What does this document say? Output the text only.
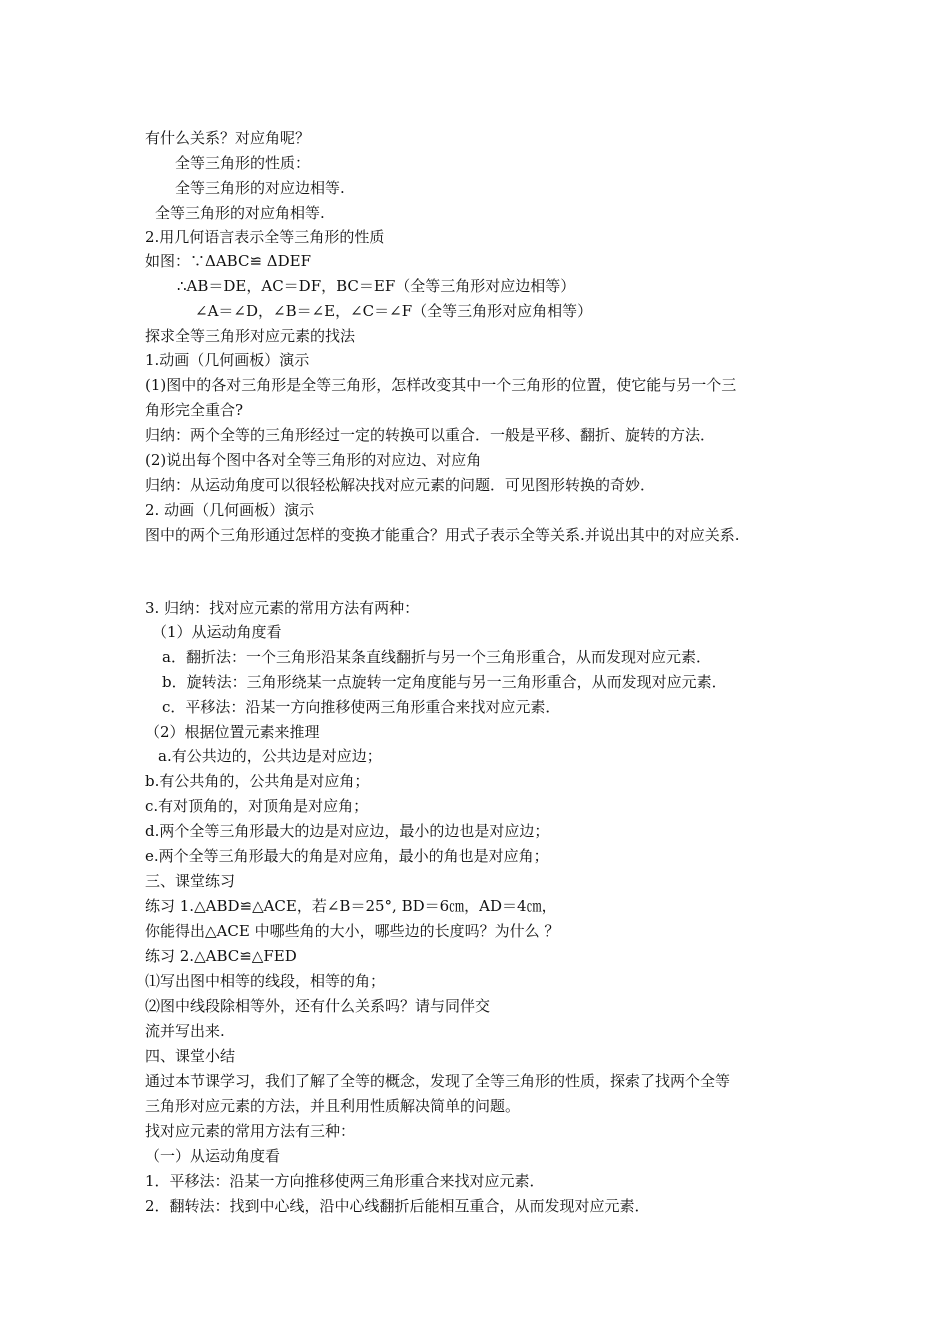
有什么关系？对应角呢？
全等三角形的性质：
全等三角形的对应边相等.
全等三角形的对应角相等.
2.用几何语言表示全等三角形的性质
如图：∵ΔABC≌ ΔDEF
∴AB＝DE，AC＝DF，BC＝EF（全等三角形对应边相等）
∠A＝∠D，∠B＝∠E，∠C＝∠F（全等三角形对应角相等）
探求全等三角形对应元素的找法
1.动画（几何画板）演示
(1)图中的各对三角形是全等三角形，怎样改变其中一个三角形的位置，使它能与另一个三
角形完全重合?
归纳：两个全等的三角形经过一定的转换可以重合．一般是平移、翻折、旋转的方法．
(2)说出每个图中各对全等三角形的对应边、对应角
归纳：从运动角度可以很轻松解决找对应元素的问题．可见图形转换的奇妙．
2. 动画（几何画板）演示
图中的两个三角形通过怎样的变换才能重合？用式子表示全等关系.并说出其中的对应关系.
3. 归纳：找对应元素的常用方法有两种：
（1）从运动角度看
a．翻折法：一个三角形沿某条直线翻折与另一个三角形重合，从而发现对应元素．
b．旋转法：三角形绕某一点旋转一定角度能与另一三角形重合，从而发现对应元素．
c．平移法：沿某一方向推移使两三角形重合来找对应元素．
（2）根据位置元素来推理
a.有公共边的，公共边是对应边；
b.有公共角的，公共角是对应角；
c.有对顶角的，对顶角是对应角；
d.两个全等三角形最大的边是对应边，最小的边也是对应边；
e.两个全等三角形最大的角是对应角，最小的角也是对应角；
三、课堂练习
练习 1.△ABD≌△ACE，若∠B＝25°, BD＝6㎝，AD＝4㎝，
你能得出△ACE 中哪些角的大小，哪些边的长度吗？为什么 ？
练习 2.△ABC≌△FED
⑴写出图中相等的线段，相等的角；
⑵图中线段除相等外，还有什么关系吗？请与同伴交
流并写出来.
四、课堂小结
通过本节课学习，我们了解了全等的概念，发现了全等三角形的性质，探索了找两个全等
三角形对应元素的方法，并且利用性质解决简单的问题。
找对应元素的常用方法有三种：
（一）从运动角度看
1．平移法：沿某一方向推移使两三角形重合来找对应元素．
2．翻转法：找到中心线，沿中心线翻折后能相互重合，从而发现对应元素．
